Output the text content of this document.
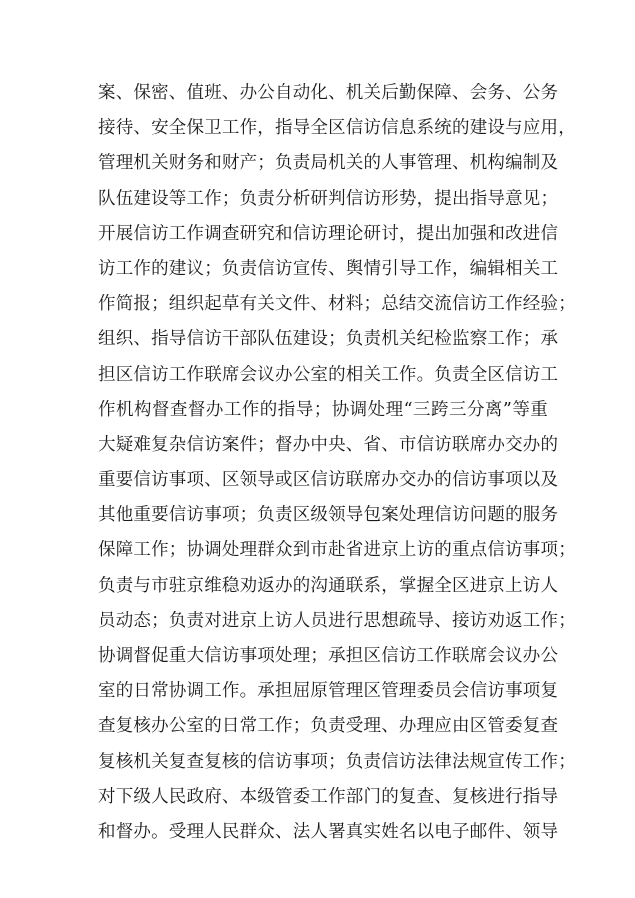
案、保密、值班、办公自动化、机关后勤保障、会务、公务
接待、安全保卫工作，指导全区信访信息系统的建设与应用，
管理机关财务和财产；负责局机关的人事管理、机构编制及
队伍建设等工作；负责分析研判信访形势，提出指导意见；
开展信访工作调查研究和信访理论研讨，提出加强和改进信
访工作的建议；负责信访宣传、舆情引导工作，编辑相关工
作简报；组织起草有关文件、材料；总结交流信访工作经验；
组织、指导信访干部队伍建设；负责机关纪检监察工作；承
担区信访工作联席会议办公室的相关工作。负责全区信访工
作机构督查督办工作的指导；协调处理“三跨三分离”等重
大疑难复杂信访案件；督办中央、省、市信访联席办交办的
重要信访事项、区领导或区信访联席办交办的信访事项以及
其他重要信访事项；负责区级领导包案处理信访问题的服务
保障工作；协调处理群众到市赴省进京上访的重点信访事项；
负责与市驻京维稳劝返办的沟通联系，掌握全区进京上访人
员动态；负责对进京上访人员进行思想疏导、接访劝返工作；
协调督促重大信访事项处理；承担区信访工作联席会议办公
室的日常协调工作。承担屈原管理区管理委员会信访事项复
查复核办公室的日常工作；负责受理、办理应由区管委复查
复核机关复查复核的信访事项；负责信访法律法规宣传工作；
对下级人民政府、本级管委工作部门的复查、复核进行指导
和督办。受理人民群众、法人署真实姓名以电子邮件、领导
